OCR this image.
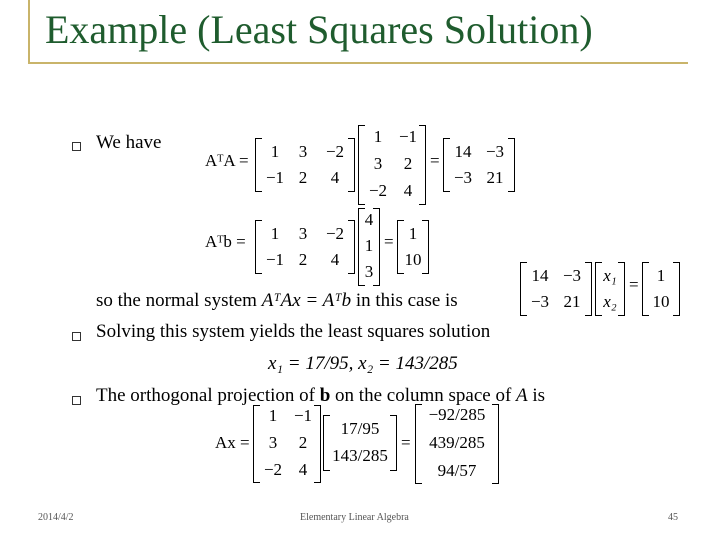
Example (Least Squares Solution)
We have
AᵀA = 1 3 −2
−1 2 4
1 −1
3 2
−2 4
= 14 −3
−3 21
Aᵀb = 1 3 −2
−1 2 4
4
1
3
= 1
10
14 −3
−3 21
x₁
x₂
= 1
10
so the normal system AᵀAx = Aᵀb in this case is
Solving this system yields the least squares solution
x₁ = 17/95, x₂ = 143/285
The orthogonal projection of b on the column space of A is
Ax =
1 −1
3 2
−2 4
17/95
143/285
=
−92/285
439/285
94/57
2014/4/2	Elementary Linear Algebra	45
